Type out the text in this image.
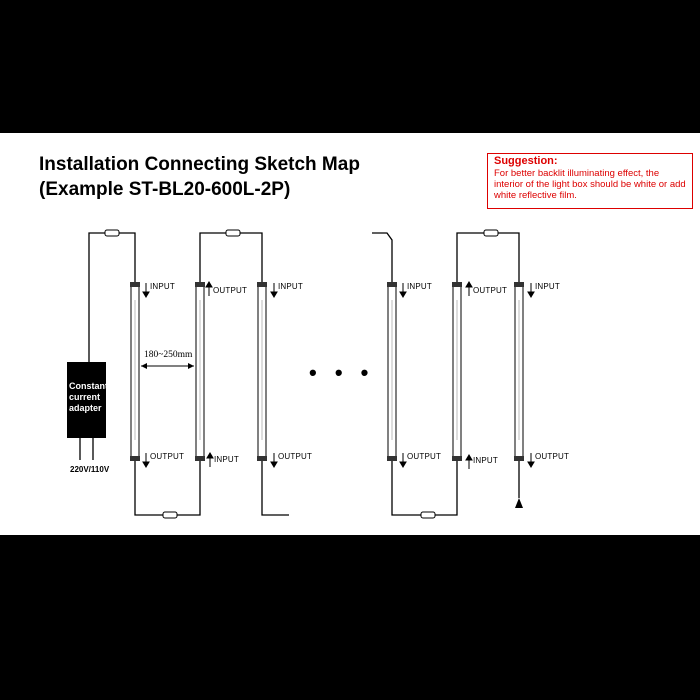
Installation Connecting Sketch Map
(Example ST-BL20-600L-2P)
Suggestion:
For better backlit illuminating effect, the interior of the light box should be white or add white reflective film.
Constant current adapter
220V/110V
180~250mm
• • •
INPUT	OUTPUT	INPUT	INPUT	OUTPUT	INPUT
OUTPUT	INPUT	OUTPUT	OUTPUT	INPUT	OUTPUT
